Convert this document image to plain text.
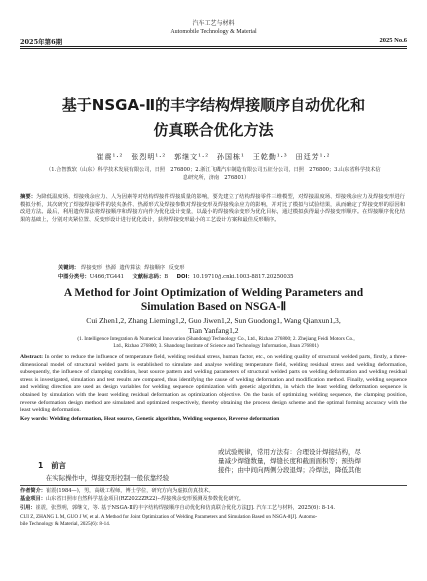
汽车工艺与材料
Automobile Technology & Material
2025年第6期	2025 No.6
基于NSGA-Ⅱ的丰字结构焊接顺序自动优化和
仿真联合优化方法
崔震¹·²　张烈明¹·²　郭继文¹·²　孙国栋¹　王乾勤¹·³　田廷芳¹·²
（1.合智教软（山东）科学技术发展有限公司，日照　276800；2.浙江飞碟汽车制造有限公司五征分公司，日照　276800；3.山东省科学技术信
息研究所，济南　276801）
摘要：为降低温度场、焊接残余应力、人为因素等对结构焊接件焊接质量的影响，要先建立了结构焊接零件三维模型，对焊接温度场、焊接残余应力及焊接变形进行模拟分析，其次研究了焊接焊接零件的装夹条件、热源形式及焊接参数对焊接变形及焊接残余应力的影响，并对比了模拟与试验结果，从而确定了焊接变形的原因和改进方法。最后，利用遗传算法将焊接顺序和焊接方向作为优化设计变量，以最小的焊接残余变形为优化目标，通过模拟获得最小焊接变形顺序。在焊接顺序优化结果的基础上，分别对夹紧位置、反变形设计进行优化设计，获得焊接变形最小的工艺设计方案和最佳反形顺序。
关键词： 焊接变形 热源 遗传算法 焊接顺序 反变形
中图分类号：U466;TG441 文献标志码：B DOI：10.19710/j.cnki.1003-8817.20250035
A Method for Joint Optimization of Welding Parameters and
Simulation Based on NSGA-Ⅱ
Cui Zhen1,2, Zhang Lieming1,2, Guo Jiwen1,2, Sun Guodong1, Wang Qianxun1,3,
Tian Yanfang1,2
(1. Intelligence Integration & Numerical Innovation (Shandong) Technology Co., Ltd., Rizhao 276800; 2. Zhejiang Feidi Motors Co.,
Ltd., Rizhao 276800; 3. Shandong Institute of Science and Technology Information, Jinan 276801)
Abstract: In order to reduce the influence of temperature field, welding residual stress, human factor, etc., on welding quality of structural welded parts, firstly, a three-dimensional model of structural welded parts is established to simulate and analyse welding temperature field, welding residual stress and welding deformation, subsequently, the influence of clamping condition, heat source pattern and welding parameters of structural welded parts on welding deformation and welding residual stress is investigated, simulation and test results are compared, thus identifying the cause of welding deformation and modification method. Finally, welding sequence and welding direction are used as design variables for welding sequence optimization with genetic algorithm, in which the least welding deformation sequence is obtained by simulation with the least welding residual deformation as optimization objective. On the basis of optimizing welding sequence, the clamping position, reverse deformation design method are simulated and optimized respectively, thereby obtaining the process design scheme and the optimal forming accuracy with the least welding deformation.
Key words: Welding deformation, Heat source, Genetic algorithm, Welding sequence, Reverse deformation
1 前言
在实际操作中，焊接变形控制一般依靠经验
或试验规律，常用方法有：合理设计焊接结构，尽
量减少焊缝数量，焊缝长度和截面面积等；预热焊
接件；由中间向两侧分段退焊；冷焊法，降低其他
作者简介：崔震(1984—)，男，高级工程师，博士学位，研究方向为虚拟仿真技术。
基金项目：山东省日照市自然科学基金项目(RZ2022ZR22)--焊接残余变形预测及参数优化研究。
引用：崔震，张烈明，郭继文，等. 基于NSGA-Ⅱ的丰字结构焊接顺序自动优化和仿真联合优化方法[J]. 汽车工艺与材料，2025(6): 8-14.
CUI Z, ZHANG L M, GUO J W, et al. A Method for Joint Optimization of Welding Parameters and Simulation Based on NSGA-Ⅱ[J]. Automo-
bile Technology & Material, 2025(6): 8-14.
